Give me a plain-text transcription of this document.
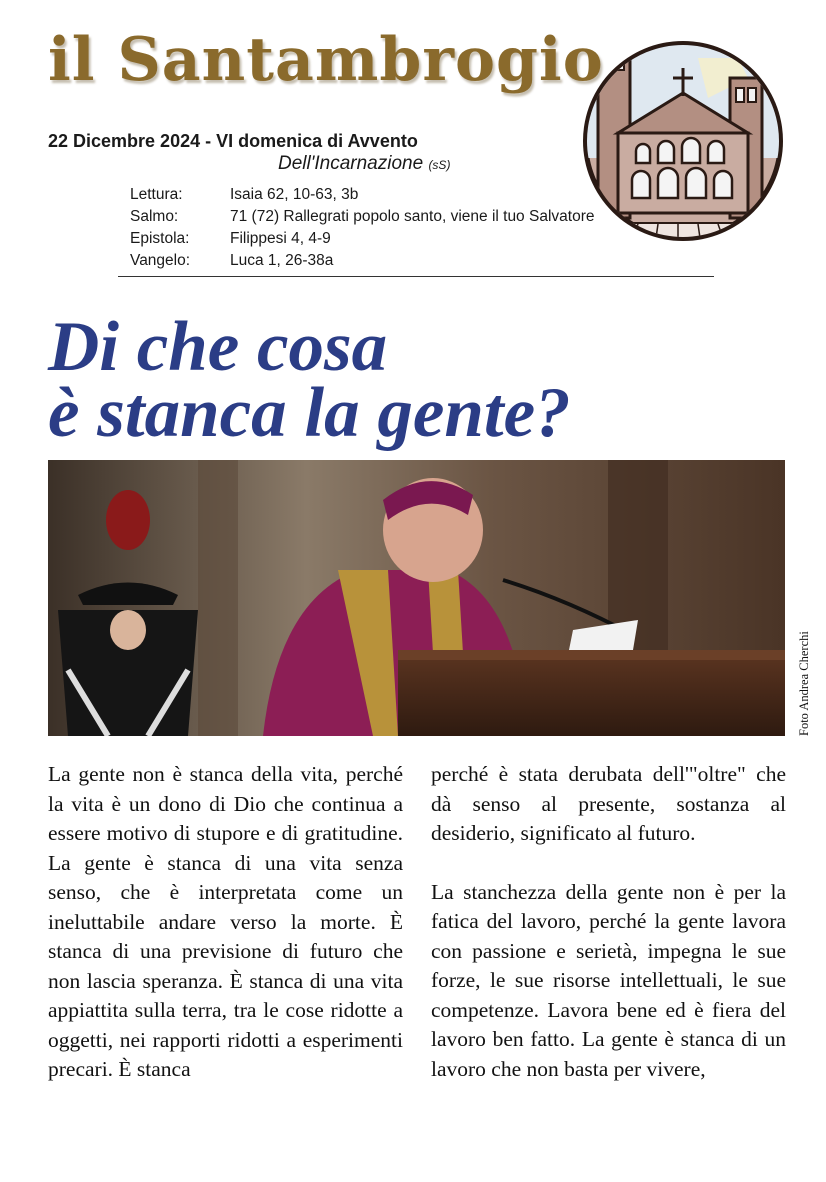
il Santambrogio
22 Dicembre 2024 - VI domenica di Avvento
Dell'Incarnazione (sS)
Lettura:	Isaia 62, 10-63, 3b
Salmo:	71 (72) Rallegrati popolo santo, viene il tuo Salvatore
Epistola:	Filippesi 4, 4-9
Vangelo:	Luca 1, 26-38a
Di che cosa
è stanca la gente?
Foto Andrea Cherchi

La gente non è stanca della vita, perché la vita è un dono di Dio che continua a essere motivo di stupore e di gratitudine. La gente è stanca di una vita senza senso, che è interpretata come un ineluttabile andare verso la morte. È stanca di una previsione di futuro che non lascia speranza. È stanca di una vita appiattita sulla terra, tra le cose ridotte a oggetti, nei rapporti ridotti a esperimenti precari. È stanca

perché è stata derubata dell'"oltre" che dà senso al presente, sostanza al desiderio, significato al futuro.

La stanchezza della gente non è per la fatica del lavoro, perché la gente lavora con passione e serietà, impegna le sue forze, le sue risorse intellettuali, le sue competenze. Lavora bene ed è fiera del lavoro ben fatto. La gente è stanca di un lavoro che non basta per vivere,
